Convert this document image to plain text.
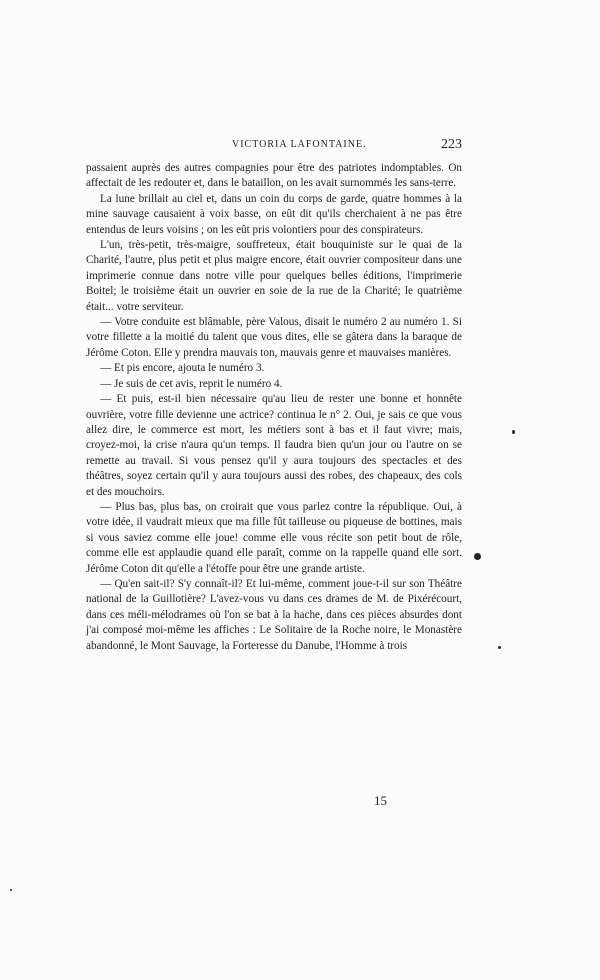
VICTORIA LAFONTAINE.	223

passaient auprès des autres compagnies pour être des patriotes indomptables. On affectait de les redouter et, dans le bataillon, on les avait surnommés les sans-terre.

La lune brillait au ciel et, dans un coin du corps de garde, quatre hommes à la mine sauvage causaient à voix basse, on eût dit qu'ils cherchaient à ne pas être entendus de leurs voisins ; on les eût pris volontiers pour des conspirateurs.

L'un, très-petit, très-maigre, souffreteux, était bouquiniste sur le quai de la Charité, l'autre, plus petit et plus maigre encore, était ouvrier compositeur dans une imprimerie connue dans notre ville pour quelques belles éditions, l'imprimerie Boitel; le troisième était un ouvrier en soie de la rue de la Charité; le quatrième était... votre serviteur.

— Votre conduite est blâmable, père Valous, disait le numéro 2 au numéro 1. Si votre fillette a la moitié du talent que vous dites, elle se gâtera dans la baraque de Jérôme Coton. Elle y prendra mauvais ton, mauvais genre et mauvaises manières.

— Et pis encore, ajouta le numéro 3.

— Je suis de cet avis, reprit le numéro 4.

— Et puis, est-il bien nécessaire qu'au lieu de rester une bonne et honnête ouvrière, votre fille devienne une actrice? continua le n° 2. Oui, je sais ce que vous allez dire, le commerce est mort, les métiers sont à bas et il faut vivre; mais, croyez-moi, la crise n'aura qu'un temps. Il faudra bien qu'un jour ou l'autre on se remette au travail. Si vous pensez qu'il y aura toujours des spectacles et des théâtres, soyez certain qu'il y aura toujours aussi des robes, des chapeaux, des cols et des mouchoirs.

— Plus bas, plus bas, on croirait que vous parlez contre la république. Oui, à votre idée, il vaudrait mieux que ma fille fût tailleuse ou piqueuse de bottines, mais si vous saviez comme elle joue! comme elle vous récite son petit bout de rôle, comme elle est applaudie quand elle paraît, comme on la rappelle quand elle sort. Jérôme Coton dit qu'elle a l'étoffe pour être une grande artiste.

— Qu'en sait-il? S'y connaît-il? Et lui-même, comment joue-t-il sur son Théâtre national de la Guillotière? L'avez-vous vu dans ces drames de M. de Pixérécourt, dans ces méli-mélodrames où l'on se bat à la hache, dans ces pièces absurdes dont j'ai composé moi-même les affiches : Le Solitaire de la Roche noire, le Monastère abandonné, le Mont Sauvage, la Forteresse du Danube, l'Homme à trois

15
